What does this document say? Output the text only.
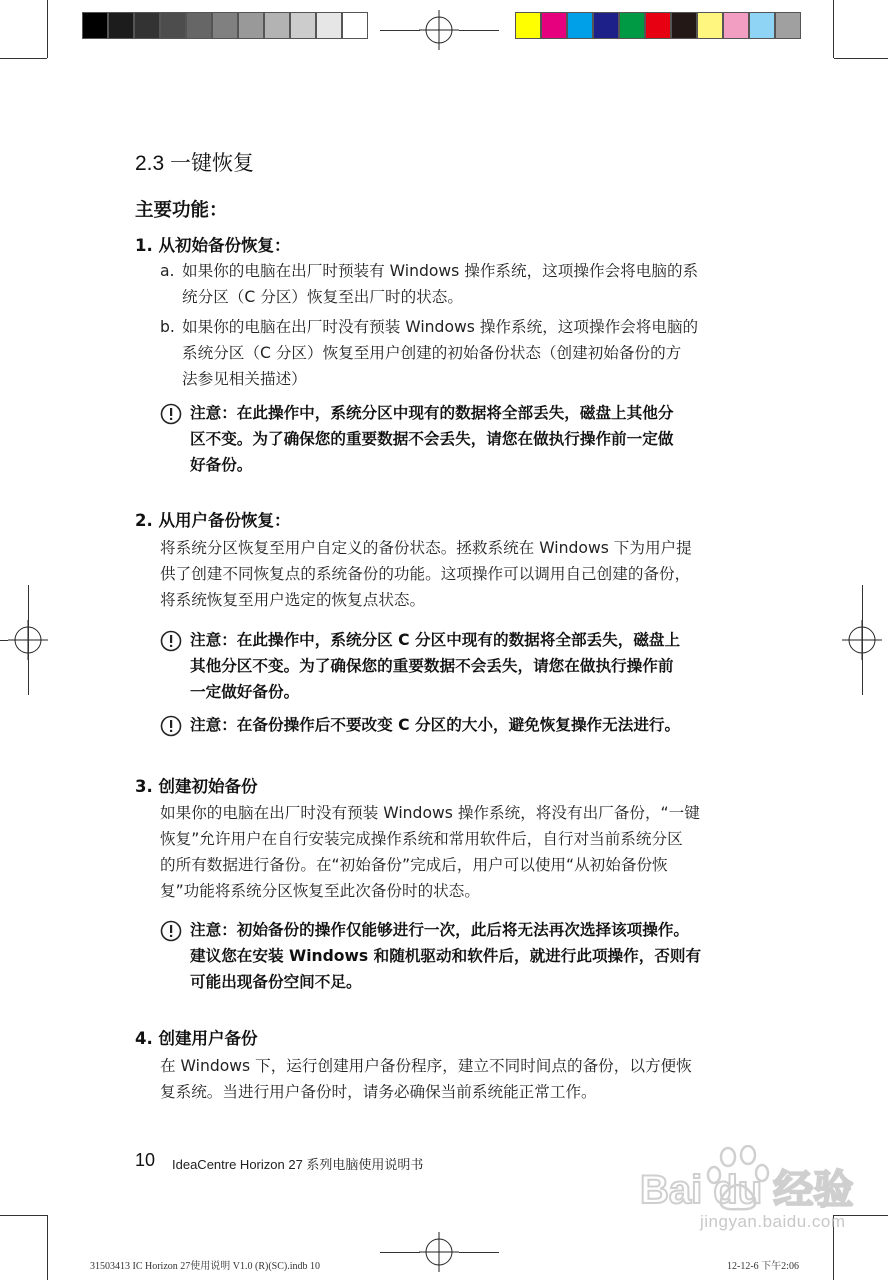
2.3 一键恢复
主要功能：
1. 从初始备份恢复：
a. 如果你的电脑在出厂时预装有 Windows 操作系统，这项操作会将电脑的系
统分区（C 分区）恢复至出厂时的状态。
b. 如果你的电脑在出厂时没有预装 Windows 操作系统，这项操作会将电脑的
系统分区（C 分区）恢复至用户创建的初始备份状态（创建初始备份的方
法参见相关描述）
注意：在此操作中，系统分区中现有的数据将全部丢失，磁盘上其他分
区不变。为了确保您的重要数据不会丢失，请您在做执行操作前一定做
好备份。
2. 从用户备份恢复：
将系统分区恢复至用户自定义的备份状态。拯救系统在 Windows 下为用户提
供了创建不同恢复点的系统备份的功能。这项操作可以调用自己创建的备份，
将系统恢复至用户选定的恢复点状态。
注意：在此操作中，系统分区 C 分区中现有的数据将全部丢失，磁盘上
其他分区不变。为了确保您的重要数据不会丢失，请您在做执行操作前
一定做好备份。
注意：在备份操作后不要改变 C 分区的大小，避免恢复操作无法进行。
3. 创建初始备份
如果你的电脑在出厂时没有预装 Windows 操作系统，将没有出厂备份，“一键
恢复”允许用户在自行安装完成操作系统和常用软件后，自行对当前系统分区
的所有数据进行备份。在“初始备份”完成后，用户可以使用“从初始备份恢
复”功能将系统分区恢复至此次备份时的状态。
注意：初始备份的操作仅能够进行一次，此后将无法再次选择该项操作。
建议您在安装 Windows 和随机驱动和软件后，就进行此项操作，否则有
可能出现备份空间不足。
4. 创建用户备份
在 Windows 下，运行创建用户备份程序，建立不同时间点的备份，以方便恢
复系统。当进行用户备份时，请务必确保当前系统能正常工作。
10 IdeaCentre Horizon 27 系列电脑使用说明书
31503413 IC Horizon 27使用说明 V1.0 (R)(SC).indb 10	12-12-6 下午2:06
Bai du 经验
jingyan.baidu.com
